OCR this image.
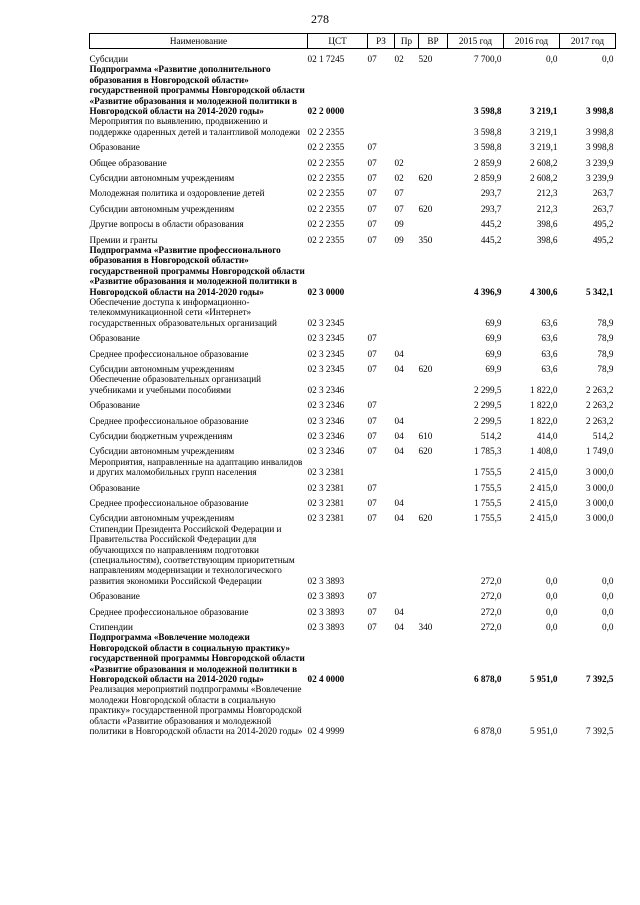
278
Наименование	ЦСТ	РЗ	Пр	ВР	2015 год	2016 год	2017 год
Субсидии	02 1 7245	07	02	520	7 700,0	0,0	0,0
Подпрограмма «Развитие дополнительного образования в Новгородской области» государственной программы Новгородской области «Развитие образования и молодежной политики в Новгородской области на 2014-2020 годы»	02 2 0000				3 598,8	3 219,1	3 998,8
Мероприятия по выявлению, продвижению и поддержке одаренных детей и талантливой молодежи	02 2 2355				3 598,8	3 219,1	3 998,8
Образование	02 2 2355	07			3 598,8	3 219,1	3 998,8
Общее образование	02 2 2355	07	02		2 859,9	2 608,2	3 239,9
Субсидии автономным учреждениям	02 2 2355	07	02	620	2 859,9	2 608,2	3 239,9
Молодежная политика и оздоровление детей	02 2 2355	07	07		293,7	212,3	263,7
Субсидии автономным учреждениям	02 2 2355	07	07	620	293,7	212,3	263,7
Другие вопросы в области образования	02 2 2355	07	09		445,2	398,6	495,2
Премии и гранты	02 2 2355	07	09	350	445,2	398,6	495,2
Подпрограмма «Развитие профессионального образования в Новгородской области» государственной программы Новгородской области «Развитие образования и молодежной политики в Новгородской области на 2014-2020 годы»	02 3 0000				4 396,9	4 300,6	5 342,1
Обеспечение доступа к информационно-телекоммуникационной сети «Интернет» государственных образовательных организаций	02 3 2345				69,9	63,6	78,9
Образование	02 3 2345	07			69,9	63,6	78,9
Среднее профессиональное образование	02 3 2345	07	04		69,9	63,6	78,9
Субсидии автономным учреждениям	02 3 2345	07	04	620	69,9	63,6	78,9
Обеспечение образовательных организаций учебниками и учебными пособиями	02 3 2346				2 299,5	1 822,0	2 263,2
Образование	02 3 2346	07			2 299,5	1 822,0	2 263,2
Среднее профессиональное образование	02 3 2346	07	04		2 299,5	1 822,0	2 263,2
Субсидии бюджетным учреждениям	02 3 2346	07	04	610	514,2	414,0	514,2
Субсидии автономным учреждениям	02 3 2346	07	04	620	1 785,3	1 408,0	1 749,0
Мероприятия, направленные на адаптацию инвалидов и других маломобильных групп населения	02 3 2381				1 755,5	2 415,0	3 000,0
Образование	02 3 2381	07			1 755,5	2 415,0	3 000,0
Среднее профессиональное образование	02 3 2381	07	04		1 755,5	2 415,0	3 000,0
Субсидии автономным учреждениям	02 3 2381	07	04	620	1 755,5	2 415,0	3 000,0
Стипендии Президента Российской Федерации и Правительства Российской Федерации для обучающихся по направлениям подготовки (специальностям), соответствующим приоритетным направлениям модернизации и технологического развития экономики Российской Федерации	02 3 3893				272,0	0,0	0,0
Образование	02 3 3893	07			272,0	0,0	0,0
Среднее профессиональное образование	02 3 3893	07	04		272,0	0,0	0,0
Стипендии	02 3 3893	07	04	340	272,0	0,0	0,0
Подпрограмма «Вовлечение молодежи Новгородской области в социальную практику» государственной программы Новгородской области «Развитие образования и молодежной политики в Новгородской области на 2014-2020 годы»	02 4 0000				6 878,0	5 951,0	7 392,5
Реализация мероприятий подпрограммы «Вовлечение молодежи Новгородской области в социальную практику» государственной программы Новгородской области «Развитие образования и молодежной политики в Новгородской области на 2014-2020 годы»	02 4 9999				6 878,0	5 951,0	7 392,5
